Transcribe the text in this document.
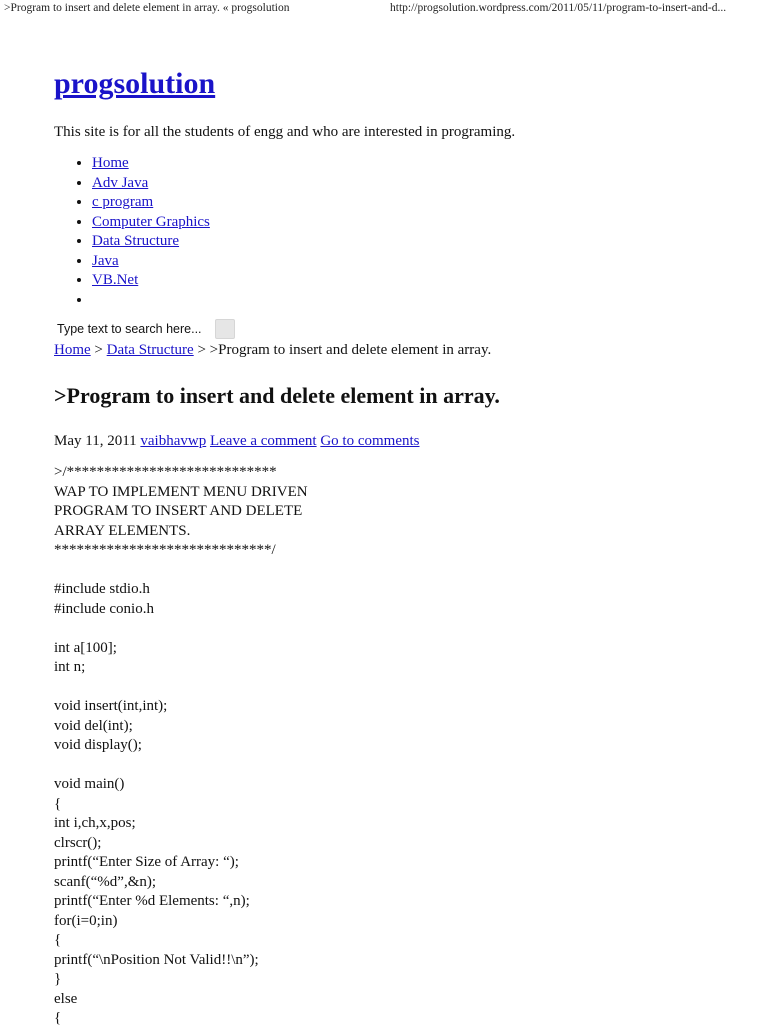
>Program to insert and delete element in array. « progsolution	http://progsolution.wordpress.com/2011/05/11/program-to-insert-and-d...
progsolution
This site is for all the students of engg and who are interested in programing.
• Home
• Adv Java
• c program
• Computer Graphics
• Data Structure
• Java
• VB.Net
•
Type text to search here...
Home > Data Structure > >Program to insert and delete element in array.
>Program to insert and delete element in array.
May 11, 2011 vaibhavwp Leave a comment Go to comments
>/****************************
WAP TO IMPLEMENT MENU DRIVEN
PROGRAM TO INSERT AND DELETE
ARRAY ELEMENTS.
*****************************/
#include stdio.h
#include conio.h
int a[100];
int n;
void insert(int,int);
void del(int);
void display();
void main()
{
int i,ch,x,pos;
clrscr();
printf(“Enter Size of Array: “);
scanf(“%d”,&n);
printf(“Enter %d Elements: “,n);
for(i=0;in)
{
printf(“\nPosition Not Valid!!\n”);
}
else
{
